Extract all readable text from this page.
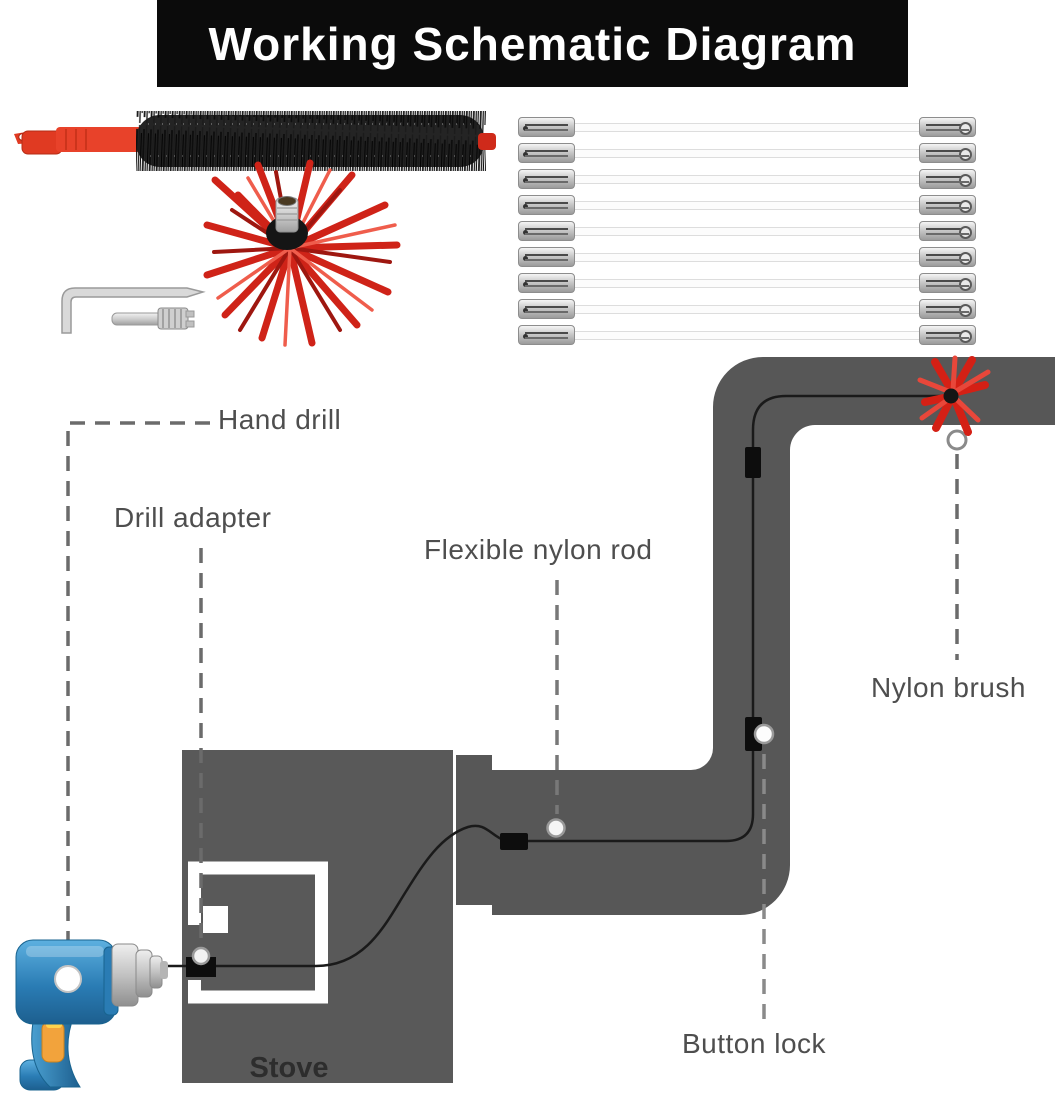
Working Schematic Diagram
Stove
Hand drill
Drill adapter
Flexible nylon rod
Nylon brush
Button lock
